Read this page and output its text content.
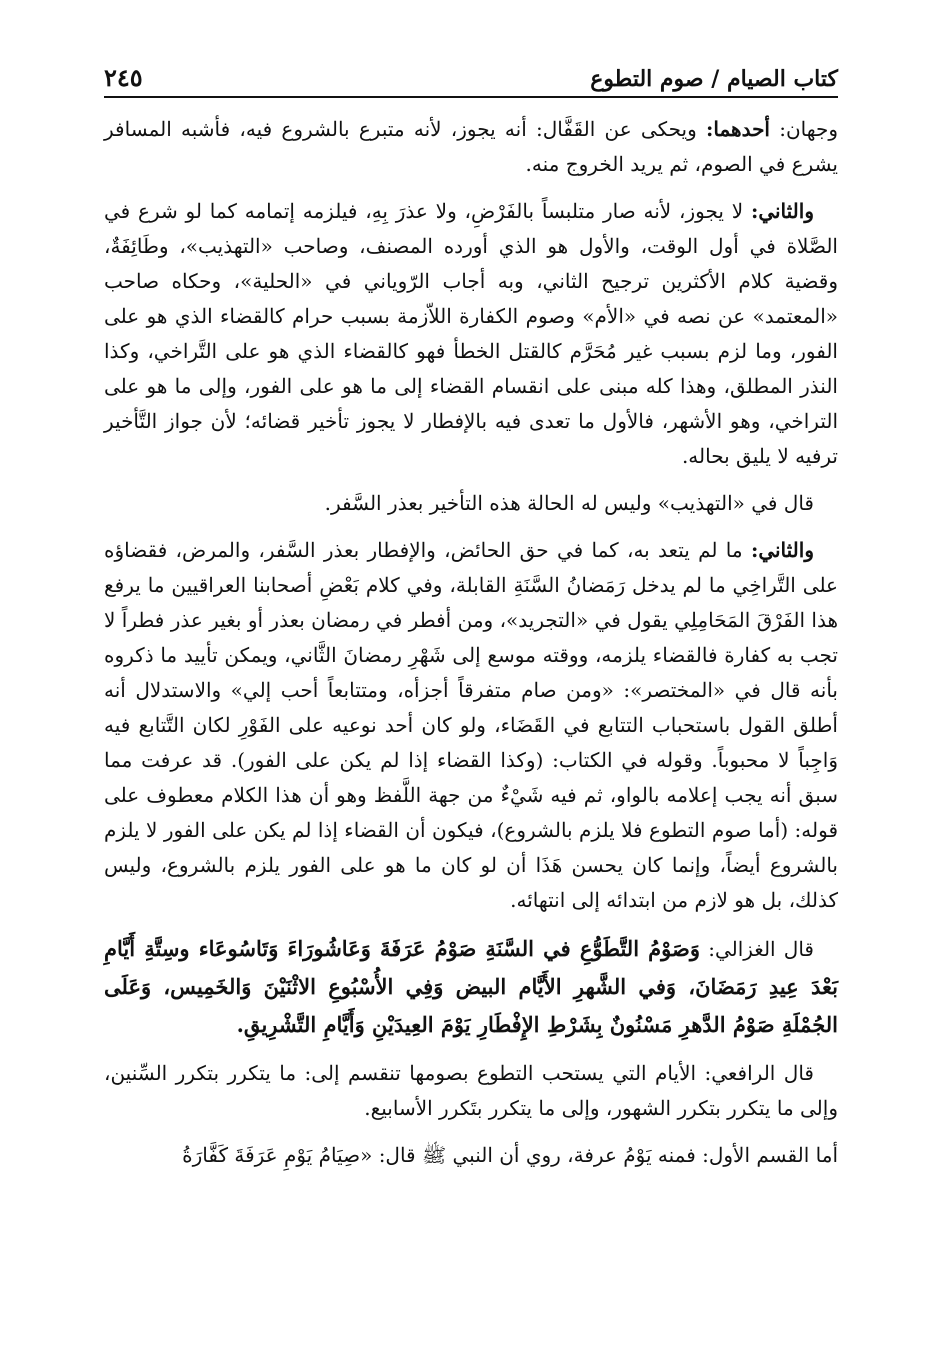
كتاب الصيام / صوم التطوع
٢٤٥

وجهان: أحدهما: ويحكى عن القَفَّال: أنه يجوز، لأنه متبرع بالشروع فيه، فأشبه المسافر يشرع في الصوم، ثم يريد الخروج منه.

والثاني: لا يجوز، لأنه صار متلبساً بالفَرْضِ، ولا عذرَ بِهِ، فيلزمه إتمامه كما لو شرع في الصَّلاة في أول الوقت، والأول هو الذي أورده المصنف، وصاحب «التهذيب»، وطَائِفَةٌ، وقضية كلام الأكثرين ترجيح الثاني، وبه أجاب الرّوياني في «الحلية»، وحكاه صاحب «المعتمد» عن نصه في «الأم» وصوم الكفارة اللاّزمة بسبب حرام كالقضاء الذي هو على الفور، وما لزم بسبب غير مُحَرَّم كالقتل الخطأ فهو كالقضاء الذي هو على التَّراخي، وكذا النذر المطلق، وهذا كله مبنى على انقسام القضاء إلى ما هو على الفور، وإلى ما هو على التراخي، وهو الأشهر، فالأول ما تعدى فيه بالإفطار لا يجوز تأخير قضائه؛ لأن جواز التَّأخير ترفيه لا يليق بحاله.

قال في «التهذيب» وليس له الحالة هذه التأخير بعذر السَّفر.

والثاني: ما لم يتعد به، كما في حق الحائض، والإفطار بعذر السَّفر، والمرض، فقضاؤه على التَّراخِي ما لم يدخل رَمَضانُ السَّنَةِ القابلة، وفي كلام بَعْضِ أصحابنا العراقيين ما يرفع هذا الفَرْقَ المَحَامِلِي يقول في «التجريد»، ومن أفطر في رمضان بعذر أو بغير عذر فطراً لا تجب به كفارة فالقضاء يلزمه، ووقته موسع إلى شَهْرِ رمضانَ الثَّاني، ويمكن تأييد ما ذكروه بأنه قال في «المختصر»: «ومن صام متفرقاً أجزأه، ومتتابعاً أحب إلي» والاستدلال أنه أطلق القول باستحباب التتابع في القَضَاء، ولو كان أحد نوعيه على الفَوْرِ لكان التَّتابع فيه وَاجِباً لا محبوباً. وقوله في الكتاب: (وكذا القضاء إذا لم يكن على الفور). قد عرفت مما سبق أنه يجب إعلامه بالواو، ثم فيه شَيْءٌ من جهة اللَّفظ وهو أن هذا الكلام معطوف على قوله: (أما صوم التطوع فلا يلزم بالشروع)، فيكون أن القضاء إذا لم يكن على الفور لا يلزم بالشروع أيضاً، وإنما كان يحسن هَذَا أن لو كان ما هو على الفور يلزم بالشروع، وليس كذلك، بل هو لازم من ابتدائه إلى انتهائه.

قال الغزالي: وَصَوْمُ التَّطَوُّعِ في السَّنَةِ صَوْمُ عَرَفَةَ وَعَاشُورَاءَ وَتَاسُوعَاء وسِتَّةِ أَيَّامِ بَعْدَ عِيدِ رَمَضَانَ، وَفي الشَّهرِ الأَيَّام البيض وَفِي الأُسْبُوعِ الاثْنَيْنَ وَالخَمِيس، وَعَلَى الجُمْلَةِ صَوْمُ الدَّهرِ مَسْنُونٌ بِشَرْطِ الإِفْطَارِ يَوْمَ العِيدَيْنِ وَأَيَّامِ التَّشْرِيقِ.

قال الرافعي: الأيام التي يستحب التطوع بصومها تنقسم إلى: ما يتكرر بتكرر السِّنين، وإلى ما يتكرر بتكرر الشهور، وإلى ما يتكرر بتَكرر الأسابيع.

أما القسم الأول: فمنه يَوْمُ عرفة، روي أن النبي ﷺ قال: «صِيَامُ يَوْمِ عَرَفَةَ كَفَّارَةُ
